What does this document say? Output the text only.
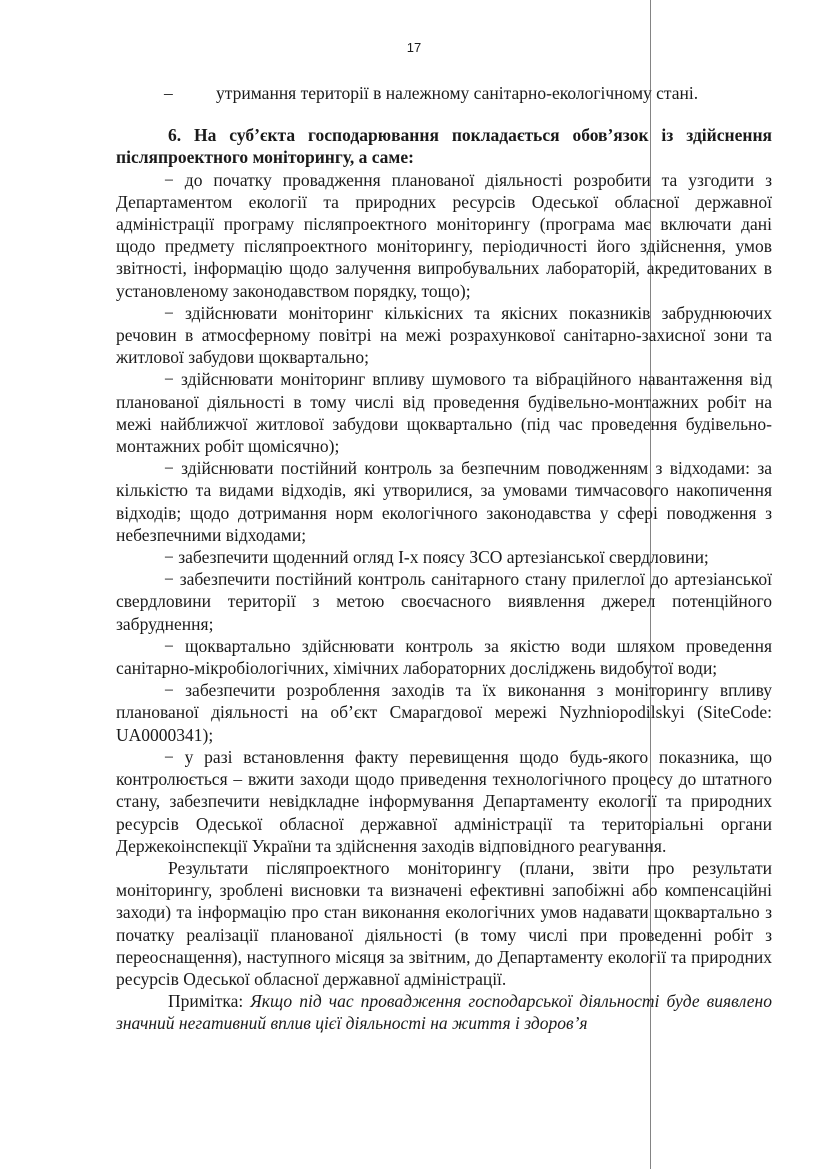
17

– утримання території в належному санітарно-екологічному стані.

6. На суб’єкта господарювання покладається обов’язок із здійснення післяпроектного моніторингу, а саме:

− до початку провадження планованої діяльності розробити та узгодити з Департаментом екології та природних ресурсів Одеської обласної державної адміністрації програму післяпроектного моніторингу (програма має включати дані щодо предмету післяпроектного моніторингу, періодичності його здійснення, умов звітності, інформацію щодо залучення випробувальних лабораторій, акредитованих в установленому законодавством порядку, тощо);

− здійснювати моніторинг кількісних та якісних показників забруднюючих речовин в атмосферному повітрі на межі розрахункової санітарно-захисної зони та житлової забудови щоквартально;

− здійснювати моніторинг впливу шумового та вібраційного навантаження від планованої діяльності в тому числі від проведення будівельно-монтажних робіт на межі найближчої житлової забудови щоквартально (під час проведення будівельно-монтажних робіт щомісячно);

− здійснювати постійний контроль за безпечним поводженням з відходами: за кількістю та видами відходів, які утворилися, за умовами тимчасового накопичення відходів; щодо дотримання норм екологічного законодавства у сфері поводження з небезпечними відходами;

− забезпечити щоденний огляд I-х поясу ЗСО артезіанської свердловини;

− забезпечити постійний контроль санітарного стану прилеглої до артезіанської свердловини території з метою своєчасного виявлення джерел потенційного забруднення;

− щоквартально здійснювати контроль за якістю води шляхом проведення санітарно-мікробіологічних, хімічних лабораторних досліджень видобутої води;

− забезпечити розроблення заходів та їх виконання з моніторингу впливу планованої діяльності на об’єкт Смарагдової мережі Nyzhniopodilskyi (SiteCode: UA0000341);

− у разі встановлення факту перевищення щодо будь-якого показника, що контролюється – вжити заходи щодо приведення технологічного процесу до штатного стану, забезпечити невідкладне інформування Департаменту екології та природних ресурсів Одеської обласної державної адміністрації та територіальні органи Держекоінспекції України та здійснення заходів відповідного реагування.

Результати післяпроектного моніторингу (плани, звіти про результати моніторингу, зроблені висновки та визначені ефективні запобіжні або компенсаційні заходи) та інформацію про стан виконання екологічних умов надавати щоквартально з початку реалізації планованої діяльності (в тому числі при проведенні робіт з переоснащення), наступного місяця за звітним, до Департаменту екології та природних ресурсів Одеської обласної державної адміністрації.

Примітка: Якщо під час провадження господарської діяльності буде виявлено значний негативний вплив цієї діяльності на життя і здоров’я
